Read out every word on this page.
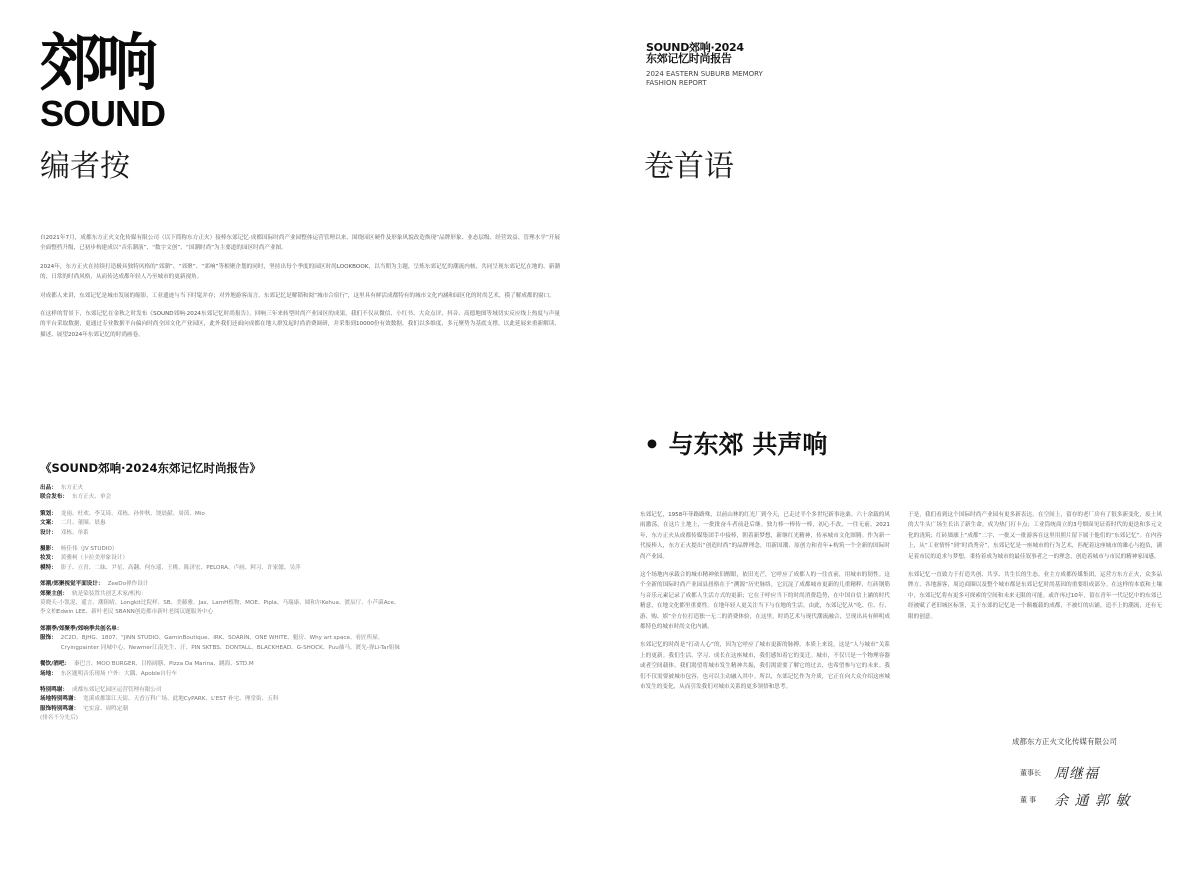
郊响
SOUND
编者按

自2021年7月，成都东方正火文化传媒有限公司（以下简称东方正火）接棒东郊记忆·成都国际时尚产业园整体运营管理以来，围绕园区硬件及形象风貌改造焕现“品牌形象、业态层级、经营效益、管理水平”开展全面整档升级，已初步构建成以“音乐潮演”、“数字文创”、“国潮时尚”为主要道的园区时尚产业图。

2024年，东方正火在持续打造极具独特风格的“郊潮”、“郊聚”、“郊响”等相聚企划的同时，坚持出每个季度的园区时尚LOOKBOOK，以当期为主题，呈炼东郊记忆的潮流内核，共同呈现东郊记忆在地的、新潮的、日常的时尚风格，从而传达成都年轻人乃至城市的更新视角。

对成都人来讲，东郊记忆是城市发展的缩影，工业遗迹与当下时髦并存；对外地游客而言，东郊记忆是解锁和阅“城市合宿行”，这里具有鲜活成都特有的城市文化内涵和园区化的时尚艺术，摸了解成都的窗口。

在这样的背景下，东郊记忆在金秋之时发布《SOUND郊响·2024东郊记忆时尚报告》，回响三年来转型时尚产业园区的成果。我们不仅从微信、小红书、大众点评、抖音、高德地图等域切实反应线上热度与声量的平台采取数据，更通过专业数据平台偏向时尚全国文化产业园区，此外我们还面向成都在地人群发起时尚消费调研，并采集到10000份有效数据。我们以多维度、多元聚势为基底支撑，以此延展来重新解读、描述、展望2024年东郊记忆的时尚画卷。

《SOUND郊响·2024东郊记忆时尚报告》
出品： 东方正火
联合发布： 东方正火、单会
策划： 龙雨、杜欢、李艾琦、邓栋、孙仲秋、饶晨献、周茵、Mio
文案： 二月、董圈、晨惠
设计： 邓栋、单系
摄影： 杨佳伟（JV STUDIO）
妆发： 黄雅柯（卡拉美形象设计）
模特： 影子、立青、二妹、尹星、高翻、何东遥、王桃、陈济宏、PELORA、卢画、阿习、许家懿、吴萍
郊潮/郊聚视觉平面设计： ZeeDo禅作设计
郊聚主创： 轨是染装置共创艺术家/机构：
莫晓天-小凯泥、遥言、潮阻晴、Longkit比院样、SB、美藤雅、Jas、LamH植物、MOE、Pipla、马瑞康、圆和尔Kehua、渡辰厅、小芦菌Ace、李文柏Edwin LEE、新叶老民 SBANN创造都市新叶老阅议题服务中心
郊潮季/郊聚季/郊响季共创名单：
服饰： 2C2D、BJHG、1807、"JINN STUDIO、GaminBoutique、IRK、SOARIN、ONE WHITE、魁房、Why art space、看匠所屋、Cryingpainter 同城中心、Newmer江南先生、汗、PIN SKTBS、DONTALL、BLACKHEAD、G-SHOCK、Puu抽马、渡光-弹Li-Tar姐妹
餐饮/酒吧： 秦巴言、MOO BURGER、目格阔膳、Pizza Da Marina、跳海、STD.M
场地： 东区题明音乐现场 户外：大隅、Apoble自行车
特别鸣谢： 成都东郊记忆园区运营管理有限公司
场地特别鸣谢： 宽溪成都第江天街、天香万科广场、此地CyPARK、L'EST 补宅、理堂街、五科
服饰特别鸣谢： 宅实富、周鸣定制
(排名不分先后)
SOUND郊响·2024
东郊记忆时尚报告
2024 EASTERN SUBURB MEMORY
FASHION REPORT
卷首语
• 与东郊 共声响

东郊记忆，1958年菲路路殊，以前山林的红光厂到今天，已走过半个多世纪新事沧桑。六十余载的风雨激荡，在这片土地上，一批批奋斗者前赴后继。独力棒一棒传一棒，初心不改，一往无前。2021年，东方正火从成都传媒集团手中接棒，朝着新梦想，新继红光精神，传承城市文化图腾。作为新一代接棒人，东方正火提出“创造时尚”的品牌理念，用新国潮、原创力和青年+构筑一个全新的国际时尚产业园。

这个场地内承载合的城市精神依旧醒眼，依旧光芒，它呼应了成都人的一往直前，用城市的韧性。这个全新的国际时尚产业园县扭格在于“溯源”历史脉络，它沉淀了成都城市更新的几重精粹，红砖钢筋与音乐元素记录了成都人生活方式的更新；它在于呼应当下的时尚消费趋势，在中国自信上涵的时代精意，在地文化都里重要性。在地年轻人更关注当下与在地的生活。由此，东郊记忆从“吃、住、行、游、购、娱”全方位打造独一无二的消费体验，在这里，时尚艺术与现代潮流融合，呈现出具有鲜明成都特色的城市时尚文化内涵。

东郊记忆的时尚是“打动人心”的，因为它呼应了城市更新的脉搏。本质上来说，这是“人与城市”关系上的更新。我们生活、学习、成长在这座城市，我们感知着它的变迁。城市，不仅只是一个物理容器或者空间载体，我们渴望将城市发生精神共振，我们渴需要了解它的过去，也希望参与它的未来。我们不仅需要被城市包容，也可以主动融入其中。所以，东郊记忆作为介质，它正在向大众介绍这座城市发生的变化，从而引发我们对城市关系的更多领悟和思考。

于是，我们看到这个国际时尚产业园有更多新表达。在空间上，留存的老厂房有了很多新变化，废土风的大牛头广场生长出了新生命，成为热门打卡点；工业筒统商立的3号烟囱见证着时代的更迭和多元文化的浇筑；红砖墙廓上“成都”二字，一批又一批游客在这里用照片留下属于他们的“东郊记忆”。在内容上，从“工业情怀”到“时尚秀旁”，东郊记忆是一座城市的行为艺术，匹配着这座城市的雄心与抱负，满足着市民的追求与梦想，秉持着成为城市的最佳叙事者之一的理念，创造着城市与市民的精神家园感。

东郊记忆一直致力于打造共创、共享、共生长的生态。业主方成都传媒集团，运营方东方正火，众多品牌方、各地游客，周边商圈以及整个城市都是东郊记忆时尚基因的重要组成部分。在这样的本底和土壤中，东郊记忆将有更多可探索的空间和未来无限的可能。或许再过10年，留在青年一代记忆中的东郊已经被赋了老旧城区标签，关于东郊的记忆是一个颠覆载的成都，不被灯的店铺，追不上的潮流，还有无限的创意。

成都东方正火文化传媒有限公司
董事长 周继福
董 事	余 通 郭 敏
